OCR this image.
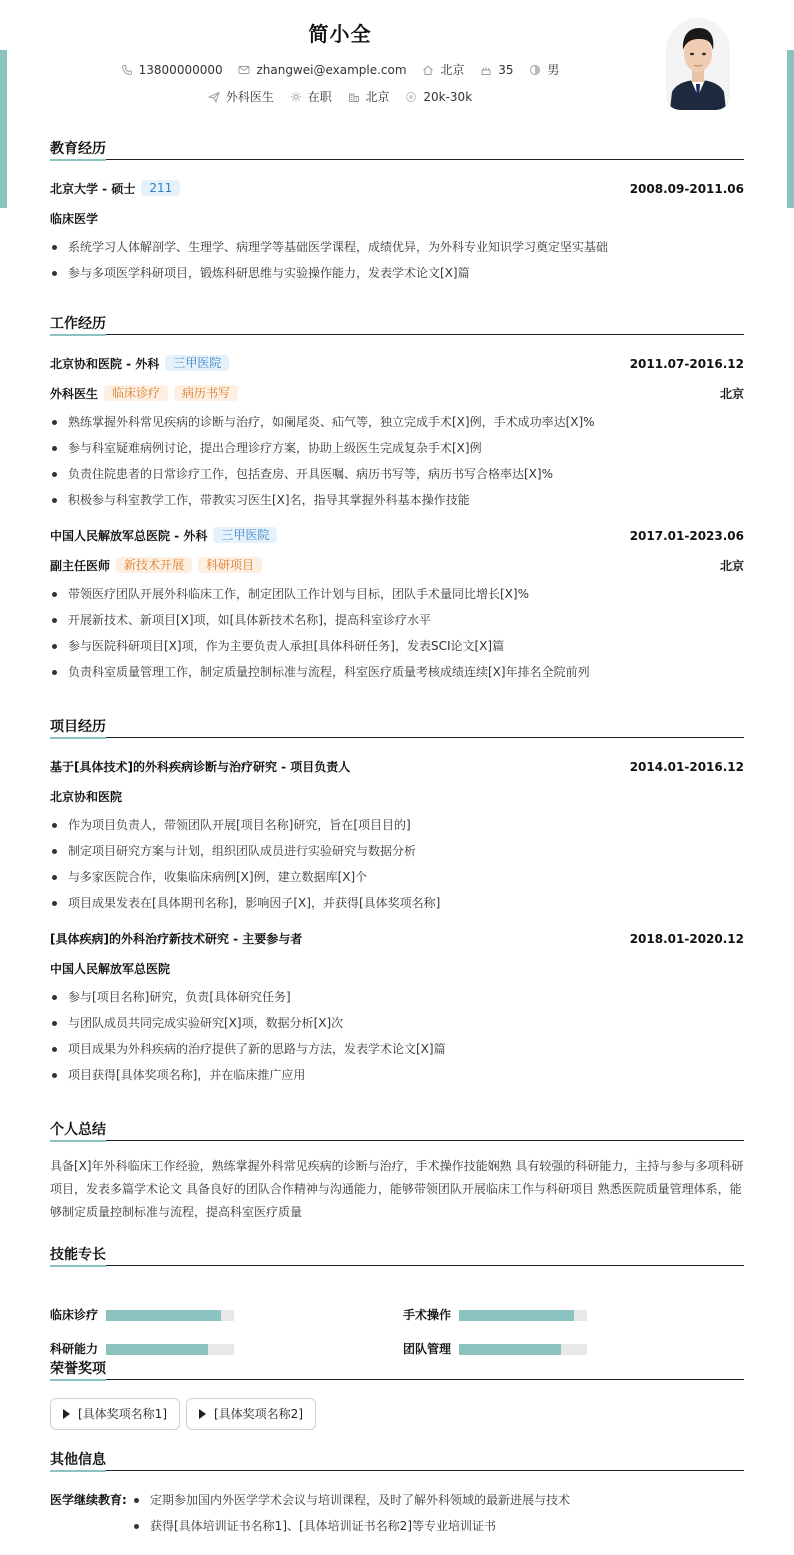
简小全
13800000000	zhangwei@example.com	北京	35	男
外科医生	在职	北京	20k-30k
教育经历
北京大学 - 硕士 211	2008.09-2011.06
临床医学
系统学习人体解剖学、生理学、病理学等基础医学课程，成绩优异，为外科专业知识学习奠定坚实基础
参与多项医学科研项目，锻炼科研思维与实验操作能力，发表学术论文[X]篇
工作经历
北京协和医院 - 外科 三甲医院	2011.07-2016.12
外科医生 临床诊疗 病历书写	北京
熟练掌握外科常见疾病的诊断与治疗，如阑尾炎、疝气等，独立完成手术[X]例，手术成功率达[X]%
参与科室疑难病例讨论，提出合理诊疗方案，协助上级医生完成复杂手术[X]例
负责住院患者的日常诊疗工作，包括查房、开具医嘱、病历书写等，病历书写合格率达[X]%
积极参与科室教学工作，带教实习医生[X]名，指导其掌握外科基本操作技能
中国人民解放军总医院 - 外科 三甲医院	2017.01-2023.06
副主任医师 新技术开展 科研项目	北京
带领医疗团队开展外科临床工作，制定团队工作计划与目标，团队手术量同比增长[X]%
开展新技术、新项目[X]项，如[具体新技术名称]，提高科室诊疗水平
参与医院科研项目[X]项，作为主要负责人承担[具体科研任务]，发表SCI论文[X]篇
负责科室质量管理工作，制定质量控制标准与流程，科室医疗质量考核成绩连续[X]年排名全院前列
项目经历
基于[具体技术]的外科疾病诊断与治疗研究 - 项目负责人	2014.01-2016.12
北京协和医院
作为项目负责人，带领团队开展[项目名称]研究，旨在[项目目的]
制定项目研究方案与计划，组织团队成员进行实验研究与数据分析
与多家医院合作，收集临床病例[X]例，建立数据库[X]个
项目成果发表在[具体期刊名称]，影响因子[X]，并获得[具体奖项名称]
[具体疾病]的外科治疗新技术研究 - 主要参与者	2018.01-2020.12
中国人民解放军总医院
参与[项目名称]研究，负责[具体研究任务]
与团队成员共同完成实验研究[X]项，数据分析[X]次
项目成果为外科疾病的治疗提供了新的思路与方法，发表学术论文[X]篇
项目获得[具体奖项名称]，并在临床推广应用
个人总结
具备[X]年外科临床工作经验，熟练掌握外科常见疾病的诊断与治疗，手术操作技能娴熟 具有较强的科研能力，主持与参与多项科研
项目，发表多篇学术论文 具备良好的团队合作精神与沟通能力，能够带领团队开展临床工作与科研项目 熟悉医院质量管理体系，能
够制定质量控制标准与流程，提高科室医疗质量
技能专长
临床诊疗	手术操作
科研能力	团队管理
荣誉奖项
[具体奖项名称1]	[具体奖项名称2]
其他信息
医学继续教育:	定期参加国内外医学学术会议与培训课程，及时了解外科领域的最新进展与技术
获得[具体培训证书名称1]、[具体培训证书名称2]等专业培训证书
